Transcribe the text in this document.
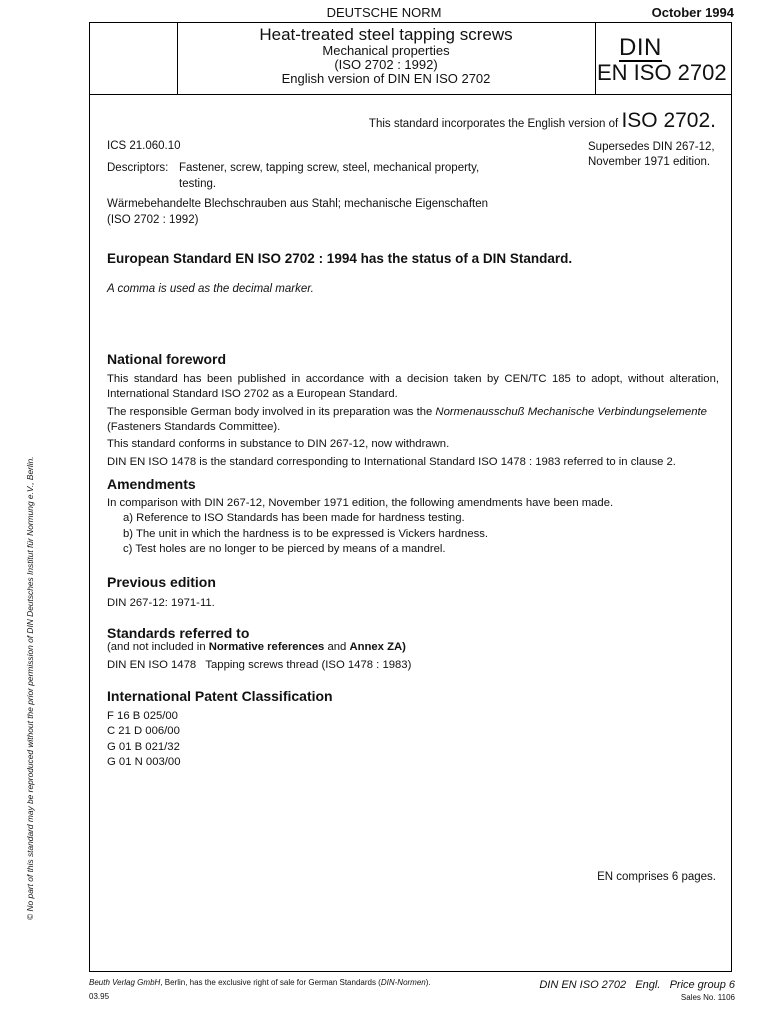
DEUTSCHE NORM	October 1994
Heat-treated steel tapping screws
Mechanical properties
(ISO 2702 : 1992)
English version of DIN EN ISO 2702
DIN
EN ISO 2702
This standard incorporates the English version of ISO 2702.
ICS 21.060.10	Supersedes DIN 267-12,
November 1971 edition.
Descriptors: Fastener, screw, tapping screw, steel, mechanical property,
testing.
Wärmebehandelte Blechschrauben aus Stahl; mechanische Eigenschaften
(ISO 2702 : 1992)
European Standard EN ISO 2702 : 1994 has the status of a DIN Standard.
A comma is used as the decimal marker.
National foreword

This standard has been published in accordance with a decision taken by CEN/TC 185 to adopt, without alteration, International Standard ISO 2702 as a European Standard.

The responsible German body involved in its preparation was the Normenausschuß Mechanische Verbindungselemente
(Fasteners Standards Committee).

This standard conforms in substance to DIN 267-12, now withdrawn.

DIN EN ISO 1478 is the standard corresponding to International Standard ISO 1478 : 1983 referred to in clause 2.

Amendments

In comparison with DIN 267-12, November 1971 edition, the following amendments have been made.

a) Reference to ISO Standards has been made for hardness testing.

b) The unit in which the hardness is to be expressed is Vickers hardness.

c) Test holes are no longer to be pierced by means of a mandrel.

Previous edition
DIN 267-12: 1971-11.
Standards referred to
(and not included in Normative references and Annex ZA)
DIN EN ISO 1478   Tapping screws thread (ISO 1478 : 1983)
International Patent Classification
F 16 B 025/00
C 21 D 006/00
G 01 B 021/32
G 01 N 003/00
EN comprises 6 pages.
Beuth Verlag GmbH, Berlin, has the exclusive right of sale for German Standards (DIN-Normen).
03.95
DIN EN ISO 2702   Engl.   Price group 6
Sales No. 1106
© No part of this standard may be reproduced without the prior permission of DIN Deutsches Institut für Normung e.V., Berlin.
